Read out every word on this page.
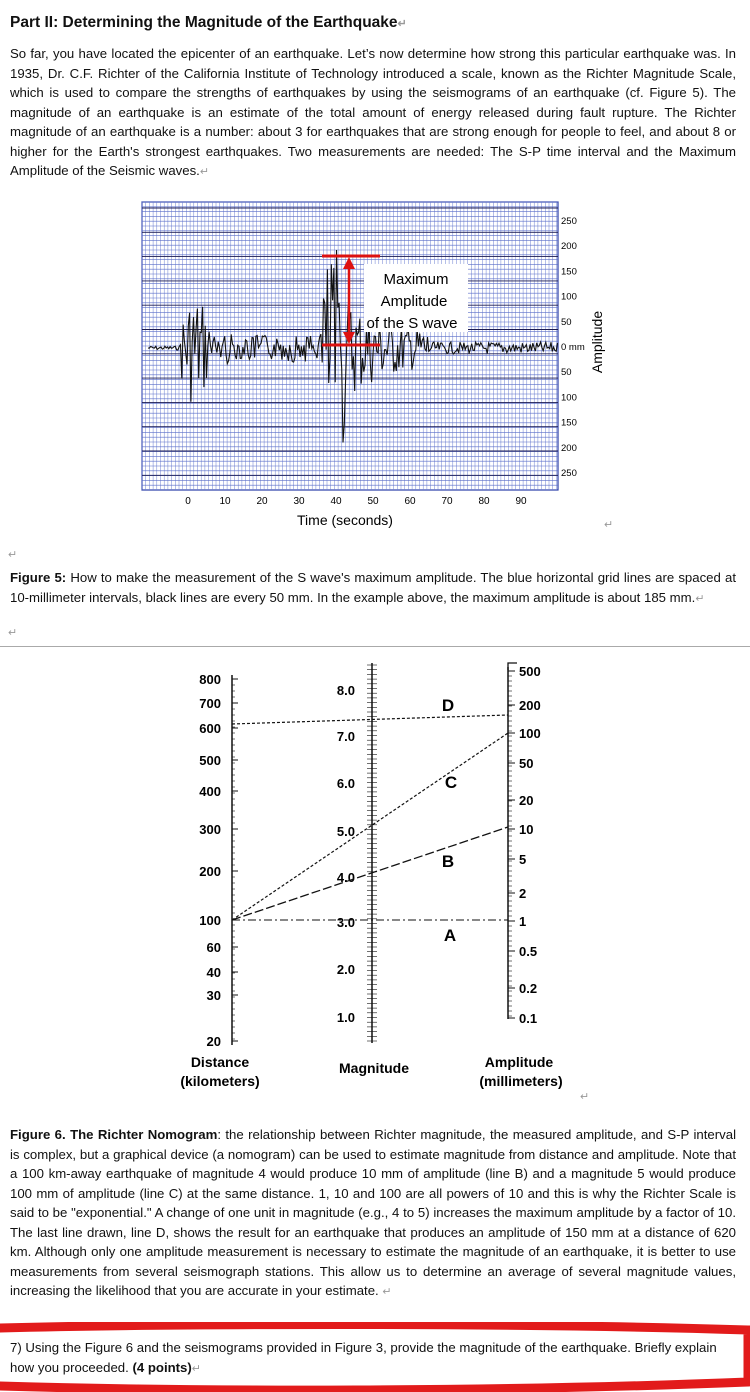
Part II: Determining the Magnitude of the Earthquake↵
So far, you have located the epicenter of an earthquake. Let’s now determine how strong this particular earthquake was. In 1935, Dr. C.F. Richter of the California Institute of Technology introduced a scale, known as the Richter Magnitude Scale, which is used to compare the strengths of earthquakes by using the seismograms of an earthquake (cf. Figure 5). The magnitude of an earthquake is an estimate of the total amount of energy released during fault rupture. The Richter magnitude of an earthquake is a number: about 3 for earthquakes that are strong enough for people to feel, and about 8 or higher for the Earth's strongest earthquakes. Two measurements are needed: The S-P time interval and the Maximum Amplitude of the Seismic waves.↵
Maximum
Amplitude
of the S wave
0	10	20	30	40	50	60	70	80	90
250
200
150
100
50
0 mm
50
100
150
200
250
Time (seconds)
Amplitude
↵
↵
Figure 5: How to make the measurement of the S wave's maximum amplitude. The blue horizontal grid lines are spaced at 10-millimeter intervals, black lines are every 50 mm. In the example above, the maximum amplitude is about 185 mm.↵
↵
800
700
600
500
400
300
200
100
60
40
30
20
8.0
7.0
6.0
5.0
4.0
3.0
2.0
1.0
500
200
100
50
20
10
5
2
1
0.5
0.2
0.1
D
C
B
A
Distance
(kilometers)
Magnitude	Amplitude
(millimeters)
↵
Figure 6. The Richter Nomogram: the relationship between Richter magnitude, the measured amplitude, and S-P interval is complex, but a graphical device (a nomogram) can be used to estimate magnitude from distance and amplitude. Note that a 100 km-away earthquake of magnitude 4 would produce 10 mm of amplitude (line B) and a magnitude 5 would produce 100 mm of amplitude (line C) at the same distance. 1, 10 and 100 are all powers of 10 and this is why the Richter Scale is said to be "exponential." A change of one unit in magnitude (e.g., 4 to 5) increases the maximum amplitude by a factor of 10. The last line drawn, line D, shows the result for an earthquake that produces an amplitude of 150 mm at a distance of 620 km. Although only one amplitude measurement is necessary to estimate the magnitude of an earthquake, it is better to use measurements from several seismograph stations. This allow us to determine an average of several magnitude values, increasing the likelihood that you are accurate in your estimate. ↵
7) Using the Figure 6 and the seismograms provided in Figure 3, provide the magnitude of the earthquake. Briefly explain how you proceeded. (4 points)↵
